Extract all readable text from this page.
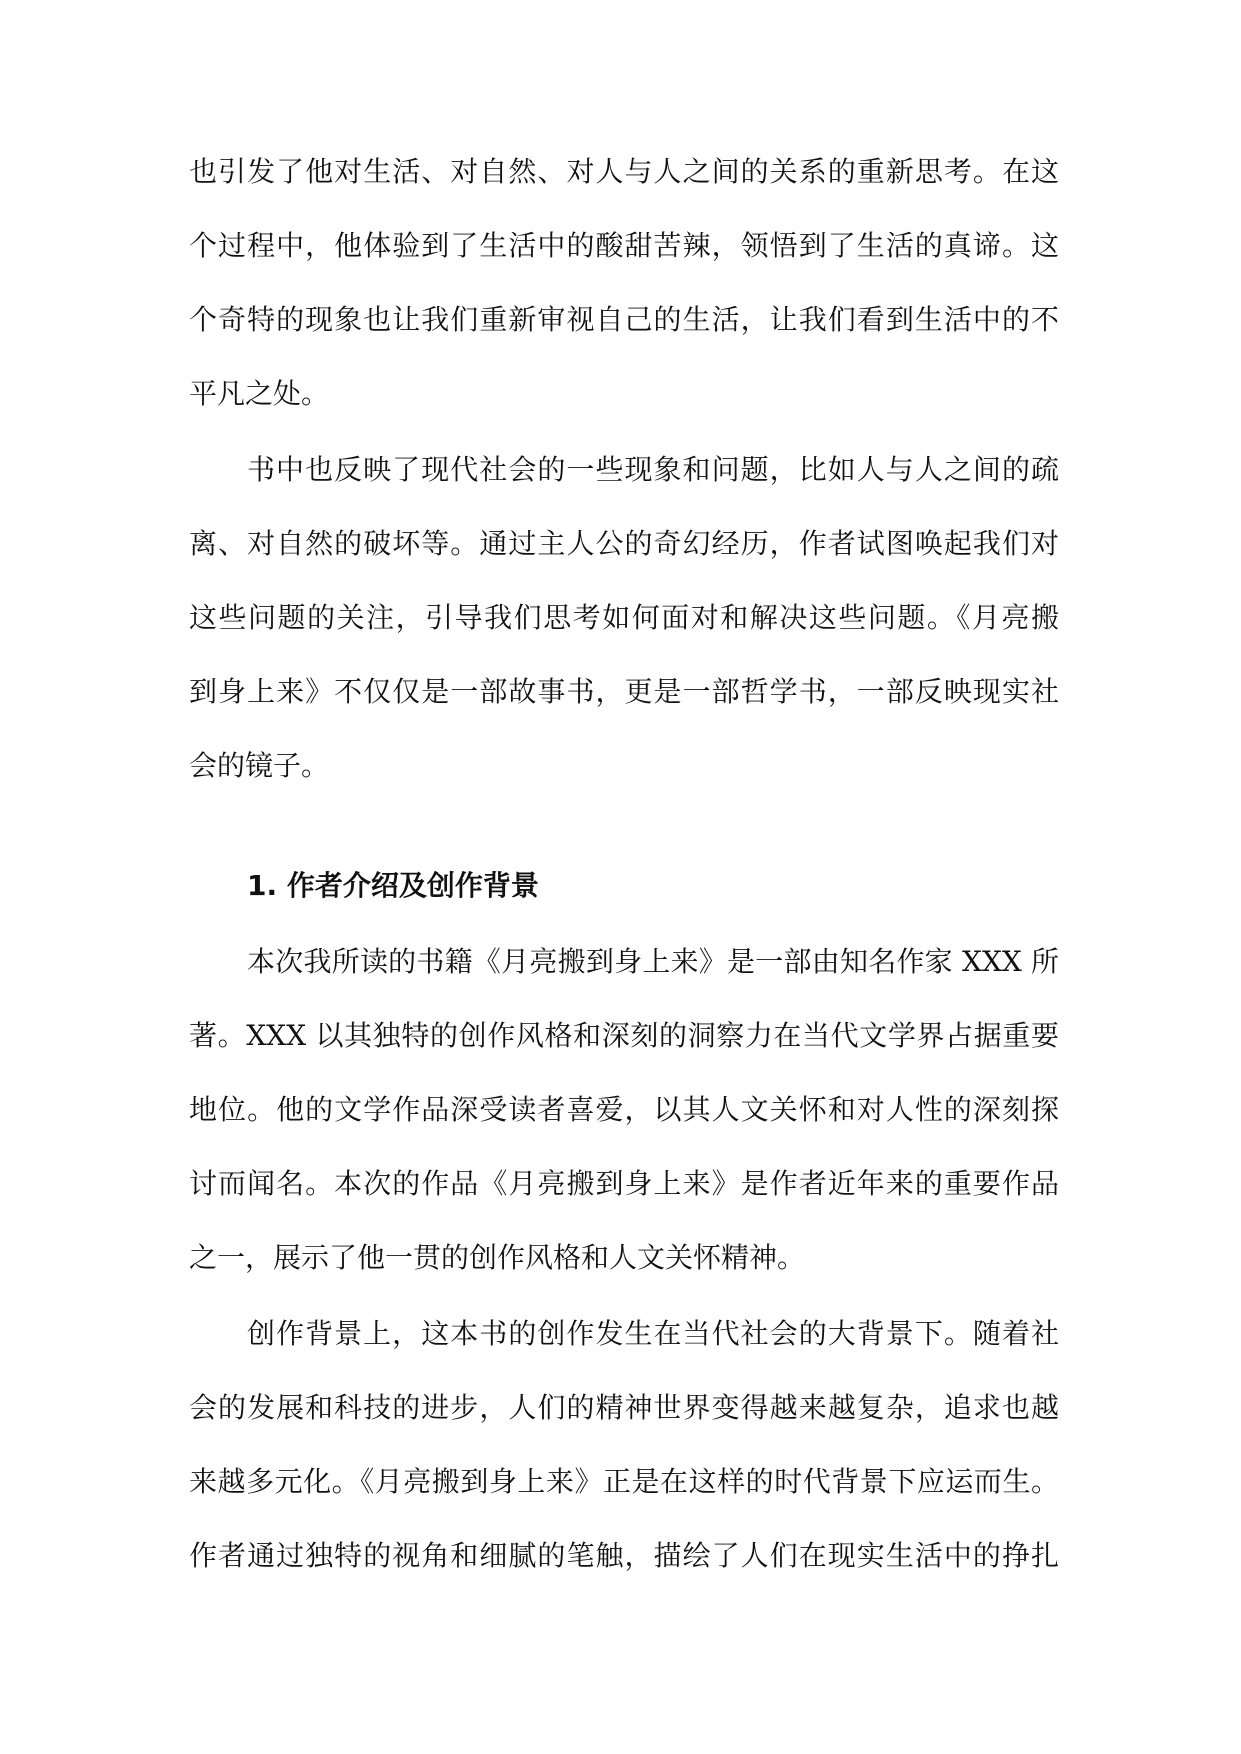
也引发了他对生活、对自然、对人与人之间的关系的重新思考。在这

个过程中，他体验到了生活中的酸甜苦辣，领悟到了生活的真谛。这

个奇特的现象也让我们重新审视自己的生活，让我们看到生活中的不

平凡之处。

书中也反映了现代社会的一些现象和问题，比如人与人之间的疏

离、对自然的破坏等。通过主人公的奇幻经历，作者试图唤起我们对

这些问题的关注，引导我们思考如何面对和解决这些问题。《月亮搬

到身上来》不仅仅是一部故事书，更是一部哲学书，一部反映现实社

会的镜子。

1. 作者介绍及创作背景

本次我所读的书籍《月亮搬到身上来》是一部由知名作家 XXX 所

著。XXX 以其独特的创作风格和深刻的洞察力在当代文学界占据重要

地位。他的文学作品深受读者喜爱，以其人文关怀和对人性的深刻探

讨而闻名。本次的作品《月亮搬到身上来》是作者近年来的重要作品

之一，展示了他一贯的创作风格和人文关怀精神。

创作背景上，这本书的创作发生在当代社会的大背景下。随着社

会的发展和科技的进步，人们的精神世界变得越来越复杂，追求也越

来越多元化。《月亮搬到身上来》正是在这样的时代背景下应运而生。

作者通过独特的视角和细腻的笔触，描绘了人们在现实生活中的挣扎
